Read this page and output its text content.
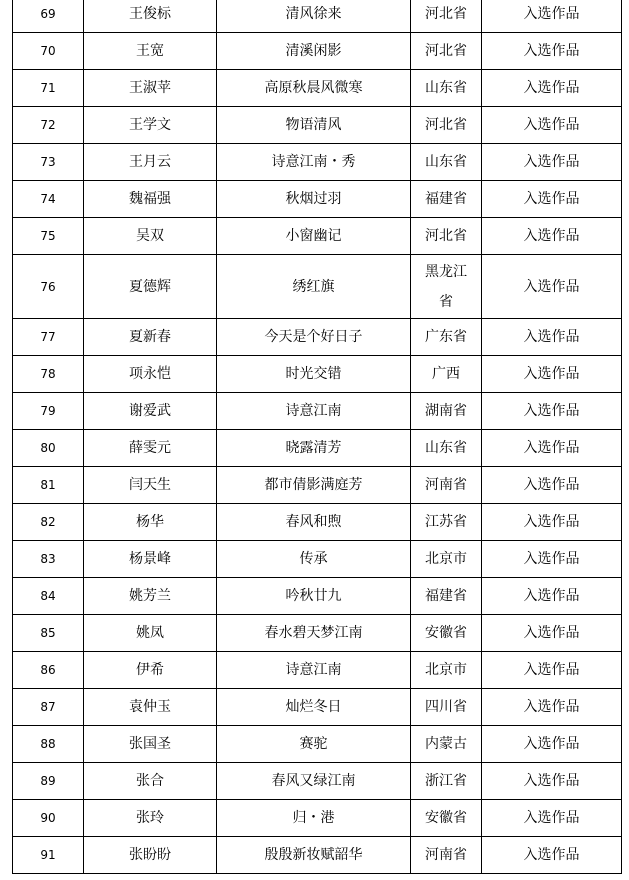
69	王俊标	清风徐来	河北省	入选作品
70	王宽	清溪闲影	河北省	入选作品
71	王淑苹	高原秋晨风微寒	山东省	入选作品
72	王学文	物语清风	河北省	入选作品
73	王月云	诗意江南・秀	山东省	入选作品
74	魏福强	秋烟过羽	福建省	入选作品
75	吴双	小窗幽记	河北省	入选作品
76	夏德辉	绣红旗	黑龙江省	入选作品
77	夏新春	今天是个好日子	广东省	入选作品
78	项永恺	时光交错	广西	入选作品
79	谢爱武	诗意江南	湖南省	入选作品
80	薛雯元	晓露清芳	山东省	入选作品
81	闫天生	都市倩影满庭芳	河南省	入选作品
82	杨华	春风和煦	江苏省	入选作品
83	杨景峰	传承	北京市	入选作品
84	姚芳兰	吟秋廿九	福建省	入选作品
85	姚凤	春水碧天梦江南	安徽省	入选作品
86	伊希	诗意江南	北京市	入选作品
87	袁仲玉	灿烂冬日	四川省	入选作品
88	张国圣	赛驼	内蒙古	入选作品
89	张合	春风又绿江南	浙江省	入选作品
90	张玲	归・港	安徽省	入选作品
91	张盼盼	殷殷新妆赋韶华	河南省	入选作品
